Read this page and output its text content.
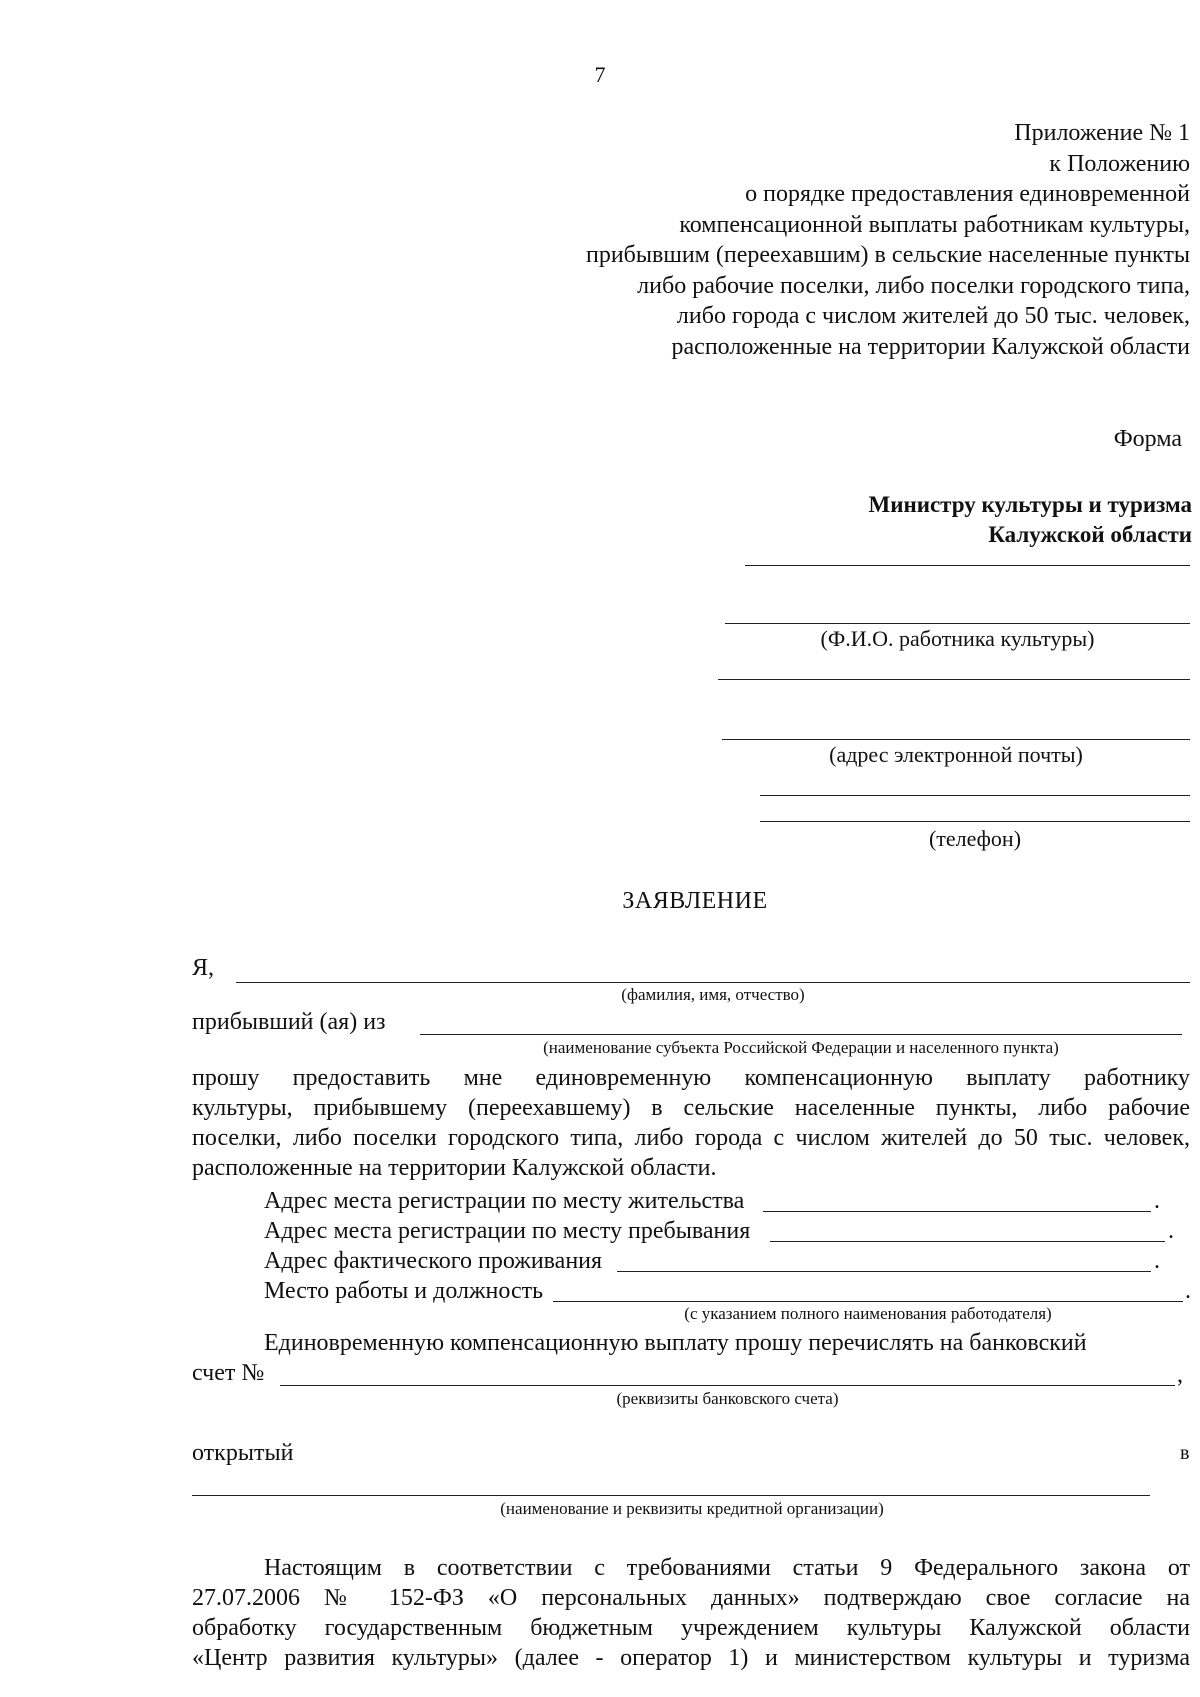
7
Приложение № 1
к Положению
о порядке предоставления единовременной
компенсационной выплаты работникам культуры,
прибывшим (переехавшим) в сельские населенные пункты
либо рабочие поселки, либо поселки городского типа,
либо города с числом жителей до 50 тыс. человек,
расположенные на территории Калужской области
Форма
Министру культуры и туризма
Калужской области
(Ф.И.О. работника культуры)
(адрес электронной почты)
(телефон)
ЗАЯВЛЕНИЕ
Я,
(фамилия, имя, отчество)
прибывший (ая) из
(наименование субъекта Российской Федерации и населенного пункта)
прошу предоставить мне единовременную компенсационную выплату работнику
культуры, прибывшему (переехавшему) в сельские населенные пункты, либо рабочие
поселки, либо поселки городского типа, либо города с числом жителей до 50 тыс. человек,
расположенные на территории Калужской области.
Адрес места регистрации по месту жительства	.
Адрес места регистрации по месту пребывания	.
Адрес фактического проживания	.
Место работы и должность	.
(с указанием полного наименования работодателя)
Единовременную компенсационную выплату прошу перечислять на банковский
счет №	,
(реквизиты банковского счета)
открытый	в
(наименование и реквизиты кредитной организации)
Настоящим в соответствии с требованиями статьи 9 Федерального закона от
27.07.2006 № 152-ФЗ «О персональных данных» подтверждаю свое согласие на
обработку государственным бюджетным учреждением культуры Калужской области
«Центр развития культуры» (далее - оператор 1) и министерством культуры и туризма
